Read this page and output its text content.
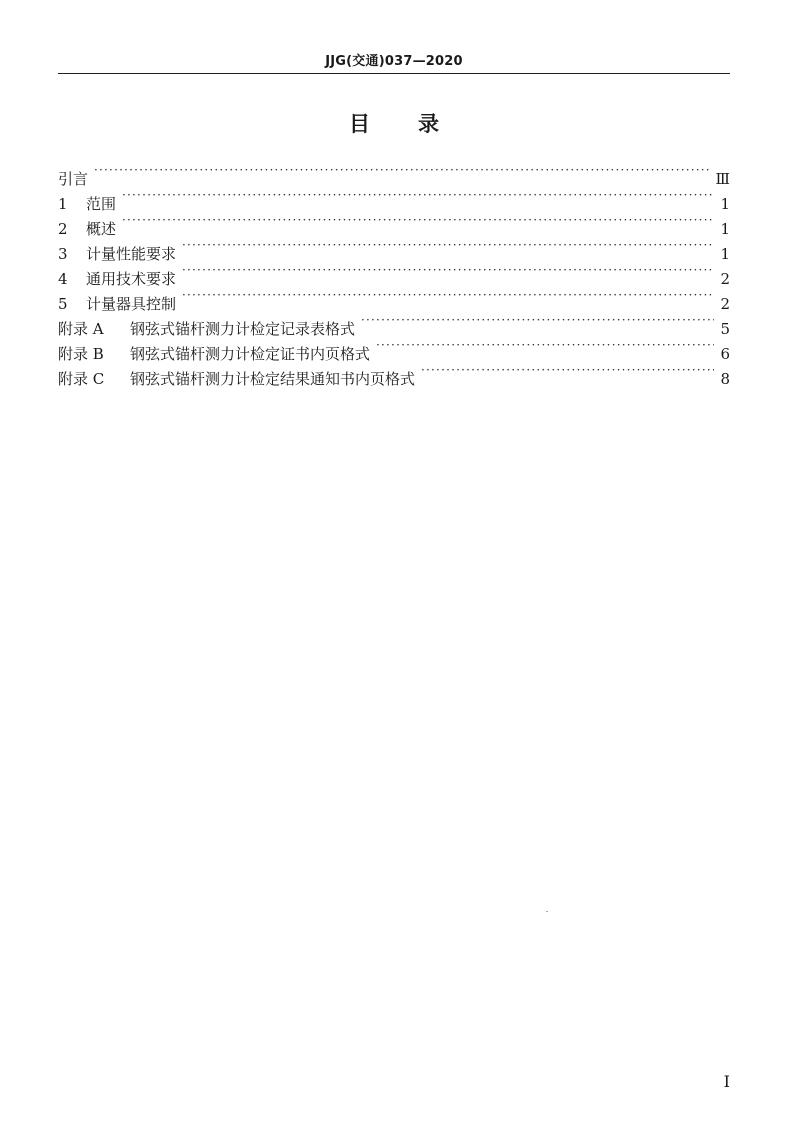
JJG(交通)037—2020
目录
引言 ·····	Ⅲ
1	范围 ·····	1
2	概述 ·····	1
3	计量性能要求 ·····	1
4	通用技术要求 ·····	2
5	计量器具控制 ·····	2
附录 A	钢弦式锚杆测力计检定记录表格式 ·····	5
附录 B	钢弦式锚杆测力计检定证书内页格式 ·····	6
附录 C	钢弦式锚杆测力计检定结果通知书内页格式 ·····	8
I
